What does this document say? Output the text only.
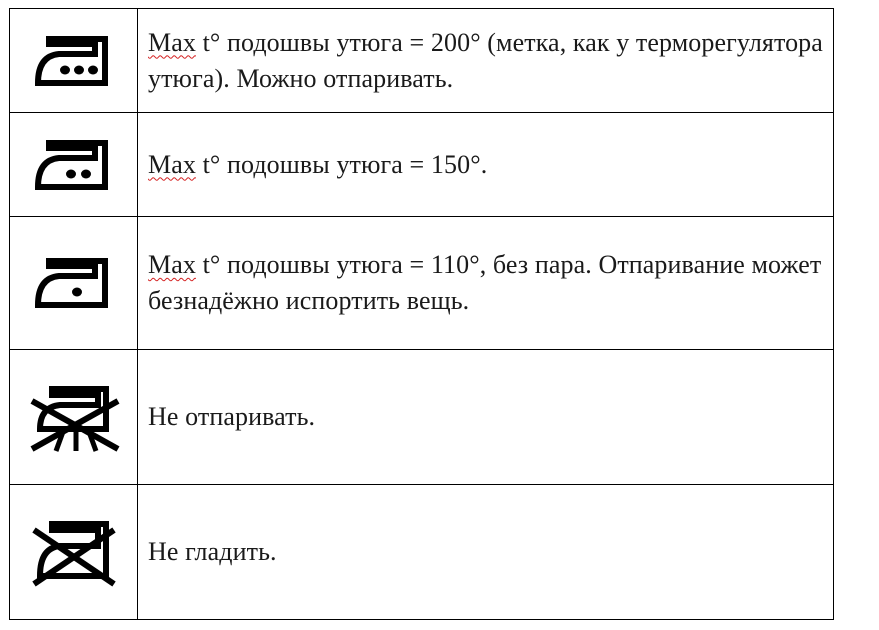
	Max t° подошвы утюга = 200° (метка, как у терморегулятора утюга). Можно отпаривать.

	Max t° подошвы утюга = 150°.

	Max t° подошвы утюга = 110°, без пара. Отпаривание может безнадёжно испортить вещь.

	Не отпаривать.

	Не гладить.
